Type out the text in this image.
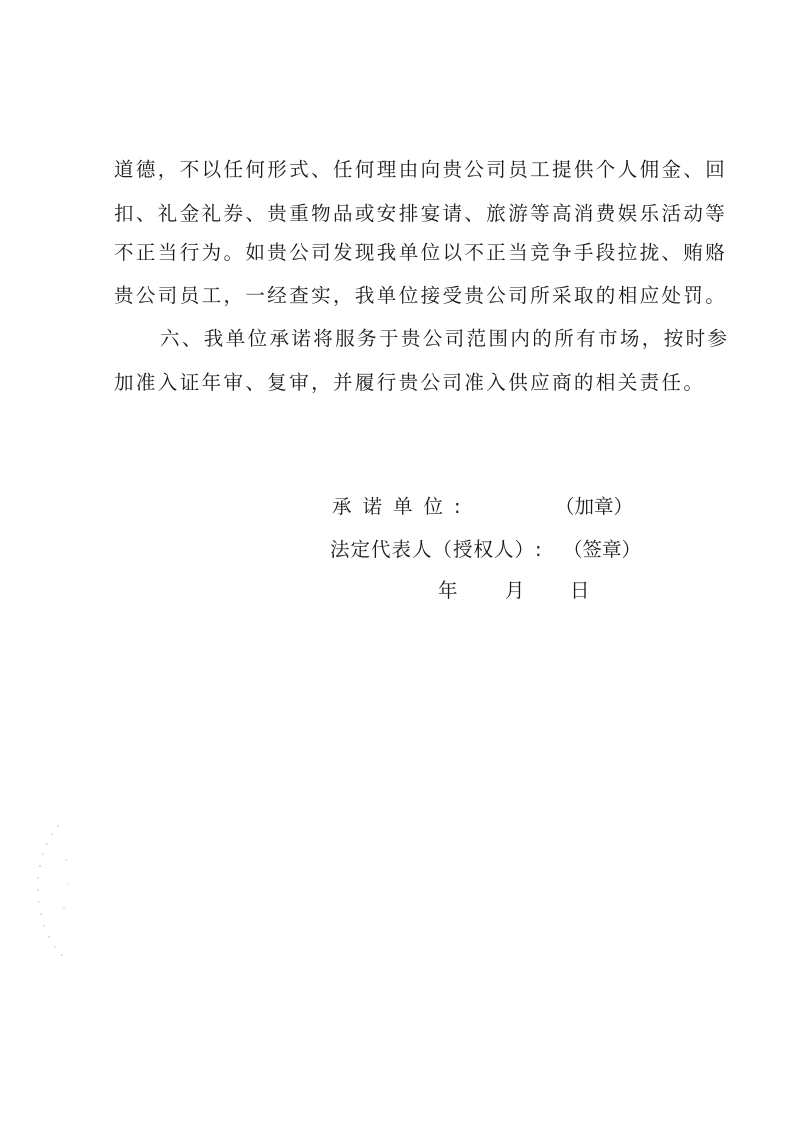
道德，不以任何形式、任何理由向贵公司员工提供个人佣金、回
扣、礼金礼券、贵重物品或安排宴请、旅游等高消费娱乐活动等
不正当行为。如贵公司发现我单位以不正当竞争手段拉拢、贿赂
贵公司员工，一经查实，我单位接受贵公司所采取的相应处罚。
六、我单位承诺将服务于贵公司范围内的所有市场，按时参
加准入证年审、复审，并履行贵公司准入供应商的相关责任。
承诺单位:	（加章）
法定代表人（授权人）: （签章）
年 月 日
